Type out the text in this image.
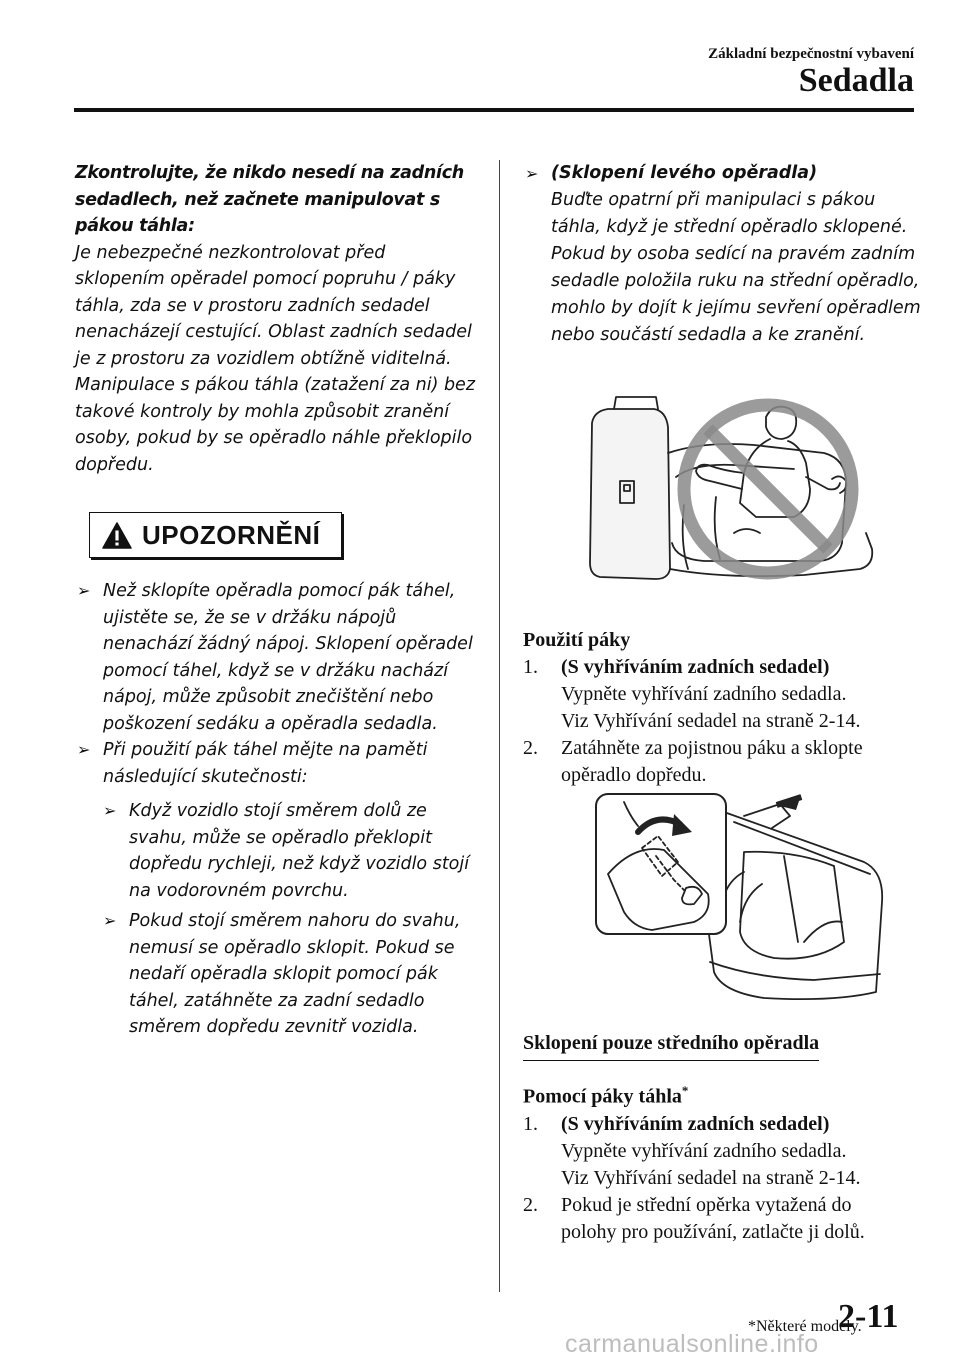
Základní bezpečnostní vybavení
Sedadla

Zkontrolujte, že nikdo nesedí na zadních sedadlech, než začnete manipulovat s pákou táhla:

Je nebezpečné nezkontrolovat před sklopením opěradel pomocí popruhu / páky táhla, zda se v prostoru zadních sedadel nenacházejí cestující. Oblast zadních sedadel je z prostoru za vozidlem obtížně viditelná. Manipulace s pákou táhla (zatažení za ni) bez takové kontroly by mohla způsobit zranění osoby, pokud by se opěradlo náhle překlopilo dopředu.

UPOZORNĚNÍ
➢ Než sklopíte opěradla pomocí pák táhel, ujistěte se, že se v držáku nápojů nenachází žádný nápoj. Sklopení opěradel pomocí táhel, když se v držáku nachází nápoj, může způsobit znečištění nebo poškození sedáku a opěradla sedadla.
➢ Při použití pák táhel mějte na paměti následující skutečnosti:
➢ Když vozidlo stojí směrem dolů ze svahu, může se opěradlo překlopit dopředu rychleji, než když vozidlo stojí na vodorovném povrchu.
➢ Pokud stojí směrem nahoru do svahu, nemusí se opěradlo sklopit. Pokud se nedaří opěradla sklopit pomocí pák táhel, zatáhněte za zadní sedadlo směrem dopředu zevnitř vozidla.
➢ (Sklopení levého opěradla)
Buďte opatrní při manipulaci s pákou táhla, když je střední opěradlo sklopené. Pokud by osoba sedící na pravém zadním sedadle položila ruku na střední opěradlo, mohlo by dojít k jejímu sevření opěradlem nebo součástí sedadla a ke zranění.
Použití páky
1. (S vyhříváním zadních sedadel)
Vypněte vyhřívání zadního sedadla.
Viz Vyhřívání sedadel na straně 2-14.
2. Zatáhněte za pojistnou páku a sklopte
opěradlo dopředu.
Sklopení pouze středního opěradla
Pomocí páky táhla*
1. (S vyhříváním zadních sedadel)
Vypněte vyhřívání zadního sedadla.
Viz Vyhřívání sedadel na straně 2-14.
2. Pokud je střední opěrka vytažená do
polohy pro používání, zatlačte ji dolů.
*Některé modely.
2-11
carmanualsonline.info
